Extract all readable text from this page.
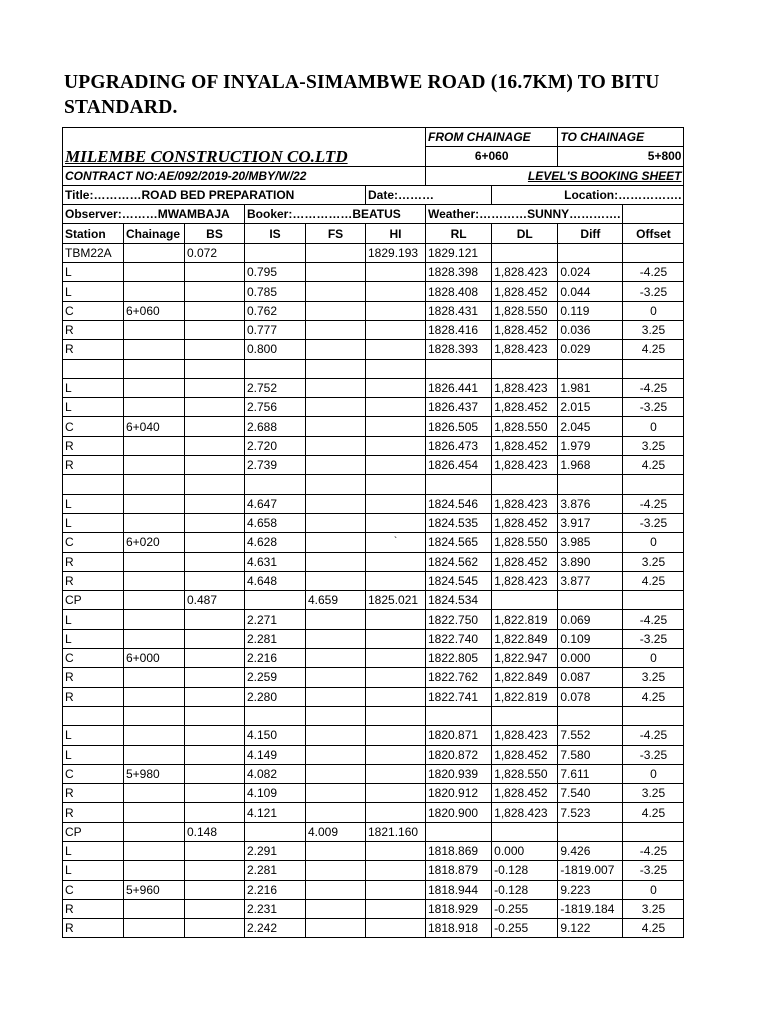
UPGRADING OF INYALA-SIMAMBWE ROAD (16.7KM) TO BITU
STANDARD.
MILEMBE CONSTRUCTION CO.LTD						FROM CHAINAGE		TO CHAINAGE	
						6+060		5+800	
CONTRACT NO:AE/092/2019-20/MBY/W/22						LEVEL'S BOOKING SHEET			
Title:…………ROAD BED PREPARATION					Date:………		Location:…………….		
Observer:………MWAMBAJA			Booker:……………BEATUS			Weather:…………SUNNY………….			
Station	Chainage	BS	IS	FS	HI	RL	DL	Diff	Offset
TBM22A		0.072			1829.193	1829.121			
L			0.795			1828.398	1,828.423	0.024	-4.25
L			0.785			1828.408	1,828.452	0.044	-3.25
C	6+060		0.762			1828.431	1,828.550	0.119	0
R			0.777			1828.416	1,828.452	0.036	3.25
R			0.800			1828.393	1,828.423	0.029	4.25

L			2.752			1826.441	1,828.423	1.981	-4.25
L			2.756			1826.437	1,828.452	2.015	-3.25
C	6+040		2.688			1826.505	1,828.550	2.045	0
R			2.720			1826.473	1,828.452	1.979	3.25
R			2.739			1826.454	1,828.423	1.968	4.25

L			4.647			1824.546	1,828.423	3.876	-4.25
L			4.658			1824.535	1,828.452	3.917	-3.25
C	6+020		4.628		`	1824.565	1,828.550	3.985	0
R			4.631			1824.562	1,828.452	3.890	3.25
R			4.648			1824.545	1,828.423	3.877	4.25
CP		0.487		4.659	1825.021	1824.534			
L			2.271			1822.750	1,822.819	0.069	-4.25
L			2.281			1822.740	1,822.849	0.109	-3.25
C	6+000		2.216			1822.805	1,822.947	0.000	0
R			2.259			1822.762	1,822.849	0.087	3.25
R			2.280			1822.741	1,822.819	0.078	4.25

L			4.150			1820.871	1,828.423	7.552	-4.25
L			4.149			1820.872	1,828.452	7.580	-3.25
C	5+980		4.082			1820.939	1,828.550	7.611	0
R			4.109			1820.912	1,828.452	7.540	3.25
R			4.121			1820.900	1,828.423	7.523	4.25
CP		0.148		4.009	1821.160				
L			2.291			1818.869	0.000	9.426	-4.25
L			2.281			1818.879	-0.128	-1819.007	-3.25
C	5+960		2.216			1818.944	-0.128	9.223	0
R			2.231			1818.929	-0.255	-1819.184	3.25
R			2.242			1818.918	-0.255	9.122	4.25
